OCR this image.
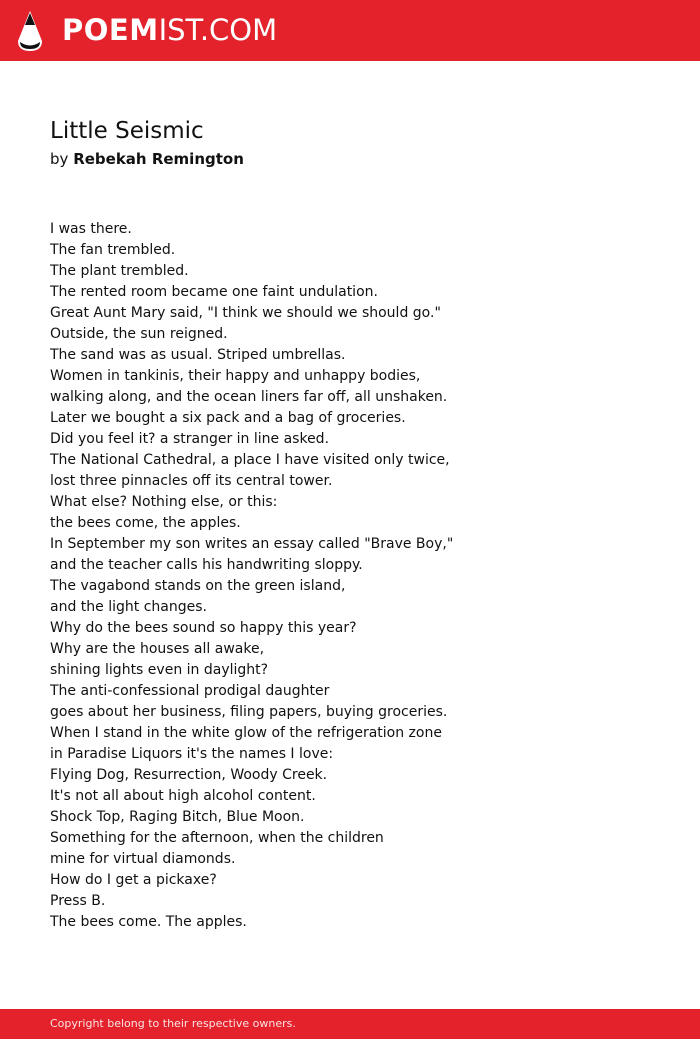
POEMIST.COM
Little Seismic
by Rebekah Remington
I was there.
The fan trembled.
The plant trembled.
The rented room became one faint undulation.
Great Aunt Mary said, "I think we should we should go."
Outside, the sun reigned.
The sand was as usual. Striped umbrellas.
Women in tankinis, their happy and unhappy bodies,
walking along, and the ocean liners far off, all unshaken.
Later we bought a six pack and a bag of groceries.
Did you feel it? a stranger in line asked.
The National Cathedral, a place I have visited only twice,
lost three pinnacles off its central tower.
What else? Nothing else, or this:
the bees come, the apples.
In September my son writes an essay called "Brave Boy,"
and the teacher calls his handwriting sloppy.
The vagabond stands on the green island,
and the light changes.
Why do the bees sound so happy this year?
Why are the houses all awake,
shining lights even in daylight?
The anti-confessional prodigal daughter
goes about her business, filing papers, buying groceries.
When I stand in the white glow of the refrigeration zone
in Paradise Liquors it's the names I love:
Flying Dog, Resurrection, Woody Creek.
It's not all about high alcohol content.
Shock Top, Raging Bitch, Blue Moon.
Something for the afternoon, when the children
mine for virtual diamonds.
How do I get a pickaxe?
Press B.
The bees come. The apples.
Copyright belong to their respective owners.
